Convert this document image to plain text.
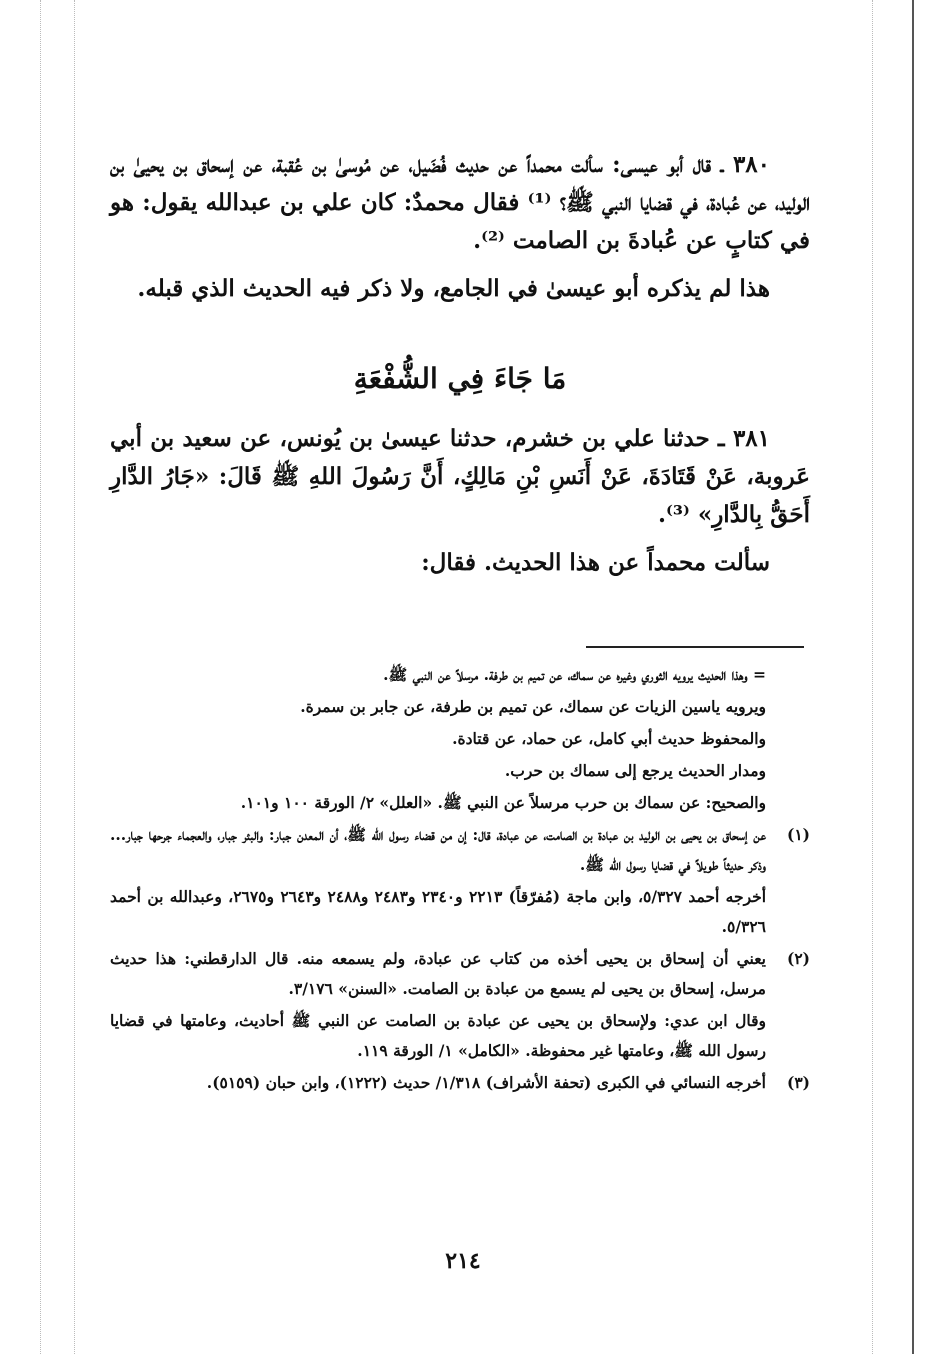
٣٨٠ ـ قال أبو عيسى: سألت محمداً عن حديث فُضَيل، عن مُوسىٰ بن عُقبة، عن إسحاق بن يحيىٰ بن الوليد، عن عُبادة، في قضايا النبي ﷺ؟ ⁽¹⁾ فقال محمدٌ: كان علي بن عبدالله يقول: هو في كتابٍ عن عُبادةَ بن الصامت ⁽²⁾.

هذا لم يذكره أبو عيسىٰ في الجامع، ولا ذكر فيه الحديث الذي قبله.

مَا جَاءَ فِي الشُّفْعَةِ

٣٨١ ـ حدثنا علي بن خشرم، حدثنا عيسىٰ بن يُونس، عن سعيد بن أبي عَروبة، عَنْ قَتَادَةَ، عَنْ أَنَسِ بْنِ مَالِكٍ، أَنَّ رَسُولَ اللهِ ﷺ قَالَ: «جَارُ الدَّارِ أَحَقُّ بِالدَّارِ» ⁽³⁾.

سألت محمداً عن هذا الحديث. فقال:

= وهذا الحديث يرويه الثوري وغيره عن سماك، عن تميم بن طرفة. مرسلاً عن النبي ﷺ.

ويرويه ياسين الزيات عن سماك، عن تميم بن طرفة، عن جابر بن سمرة.

والمحفوظ حديث أبي كامل، عن حماد، عن قتادة.

ومدار الحديث يرجع إلى سماك بن حرب.

والصحيح: عن سماك بن حرب مرسلاً عن النبي ﷺ. «العلل» ٢/ الورقة ١٠٠ و١٠١.

(١)

عن إسحاق بن يحيى بن الوليد بن عبادة بن الصامت، عن عبادة، قال: إن من قضاء رسول الله ﷺ، أن المعدن جبار: والبئر جبار، والعجماء جرحها جبار... وذكر حديثاً طويلاً في قضايا رسول الله ﷺ.

أخرجه أحمد ٥/٣٢٧، وابن ماجة (مُفرّقاً) ٢٢١٣ و٢٣٤٠ و٢٤٨٣ و٢٤٨٨ و٢٦٤٣ و٢٦٧٥، وعبدالله بن أحمد ٥/٣٢٦.

(٢)

يعني أن إسحاق بن يحيى أخذه من كتاب عن عبادة، ولم يسمعه منه. قال الدارقطني: هذا حديث مرسل، إسحاق بن يحيى لم يسمع من عبادة بن الصامت. «السنن» ٣/١٧٦.

وقال ابن عدي: ولإسحاق بن يحيى عن عبادة بن الصامت عن النبي ﷺ أحاديث، وعامتها في قضايا رسول الله ﷺ، وعامتها غير محفوظة. «الكامل» ١/ الورقة ١١٩.

(٣)

أخرجه النسائي في الكبرى (تحفة الأشراف) ١/٣١٨/ حديث (١٢٢٢)، وابن حبان (٥١٥٩).

٢١٤
